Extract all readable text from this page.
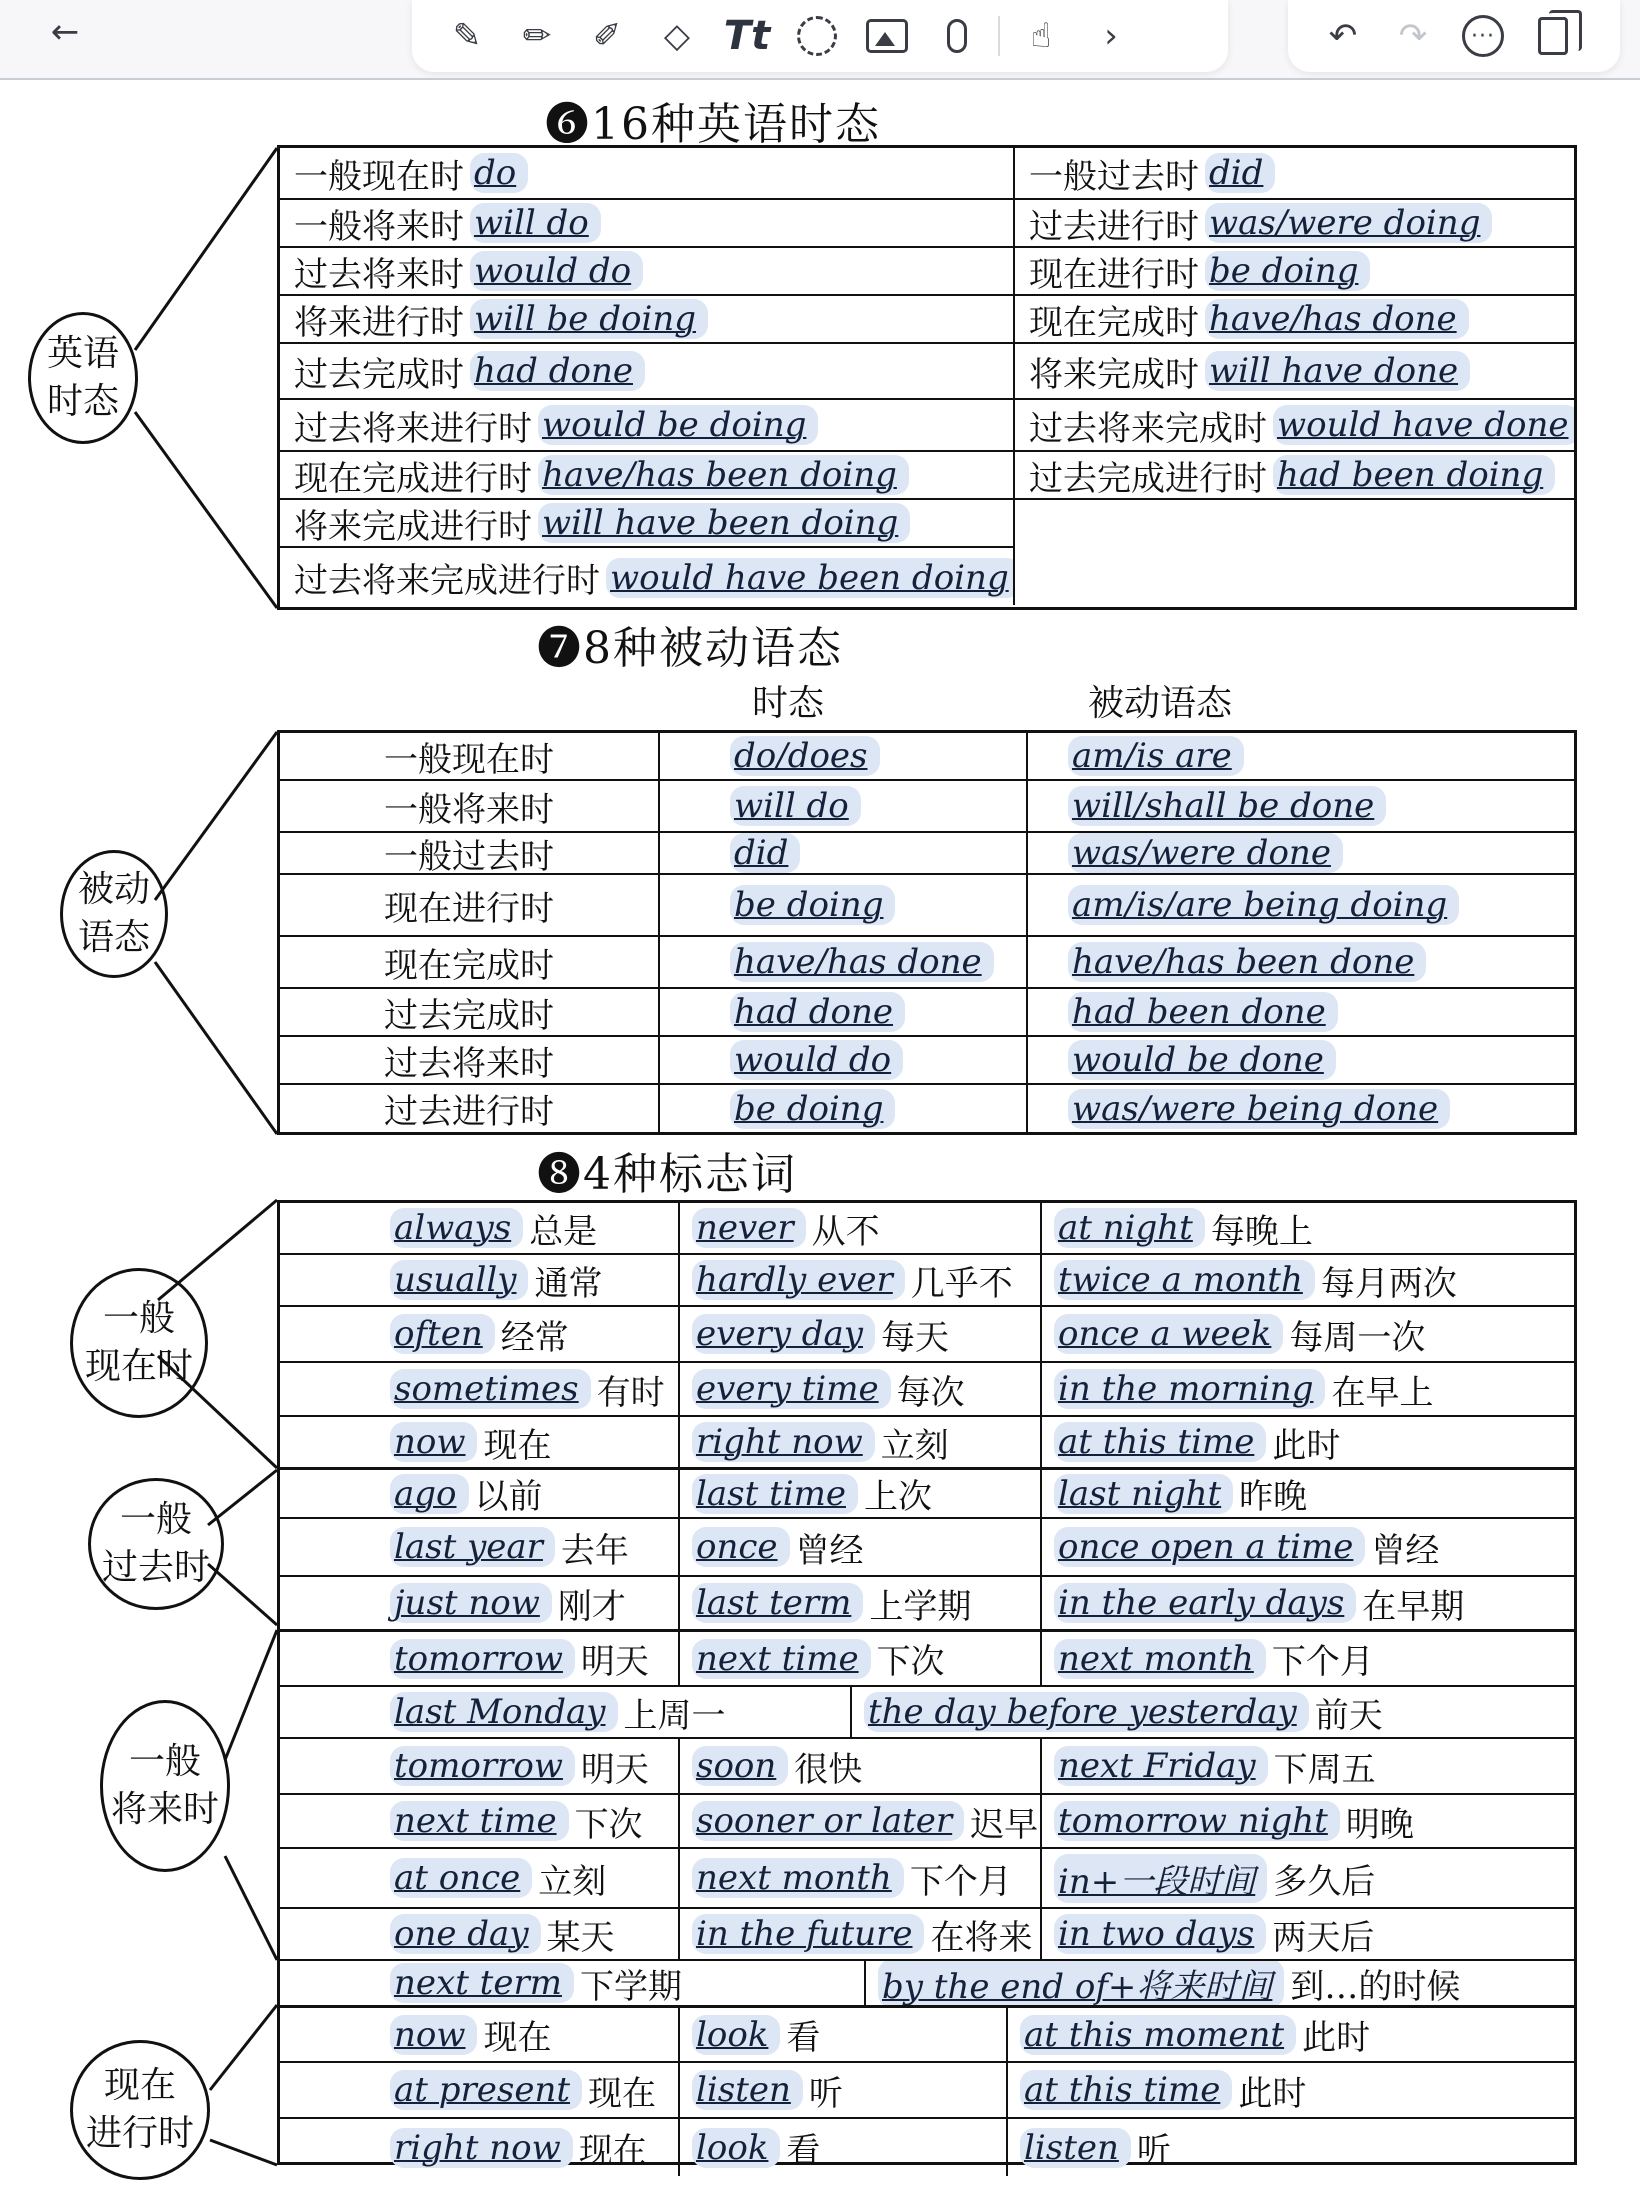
←	✎	✏	✐	◇ Tt	☝	›	↶	↷	···
❻16种英语时态
英语
时态
一般现在时 do	一般过去时 did
一般将来时 will do	过去进行时 was/were doing
过去将来时 would do	现在进行时 be doing
将来进行时 will be doing	现在完成时 have/has done
过去完成时 had done	将来完成时 will have done
过去将来进行时 would be doing	过去将来完成时 would have done
现在完成进行时 have/has been doing	过去完成进行时 had been doing
将来完成进行时 will have been doing
过去将来完成进行时 would have been doing
❼8种被动语态
时态	被动语态
被动
语态
一般现在时	do/does	am/is are
一般将来时	will do	will/shall be done
一般过去时	did	was/were done
现在进行时	be doing	am/is/are being doing
现在完成时	have/has done	have/has been done
过去完成时	had done	had been done
过去将来时	would do	would be done
过去进行时	be doing	was/were being done
❽4种标志词
一般
现在时
一般
过去时
一般
将来时
现在
进行时
always 总是	never 从不	at night 每晚上
usually 通常	hardly ever 几乎不 twice a month 每月两次
often 经常	every day 每天	once a week 每周一次
sometimes 有时 every time 每次	in the morning 在早上
now 现在	right now 立刻	at this time 此时
ago 以前	last time 上次	last night 昨晚
last year 去年 once 曾经	once open a time 曾经
just now 刚才 last term 上学期	in the early days 在早期
tomorrow 明天 next time 下次	next month 下个月
last Monday 上周一	the day before yesterday 前天
tomorrow 明天 soon 很快	next Friday 下周五
next time 下次 sooner or later 迟早 tomorrow night 明晚
at once 立刻	next month 下个月 in+一段时间 多久后
one day 某天 in the future 在将来 in two days 两天后
next term 下学期	by the end of+将来时间 到…的时候
now 现在	look 看	at this moment 此时
at present 现在 listen 听	at this time 此时
right now 现在 look 看	listen 听
